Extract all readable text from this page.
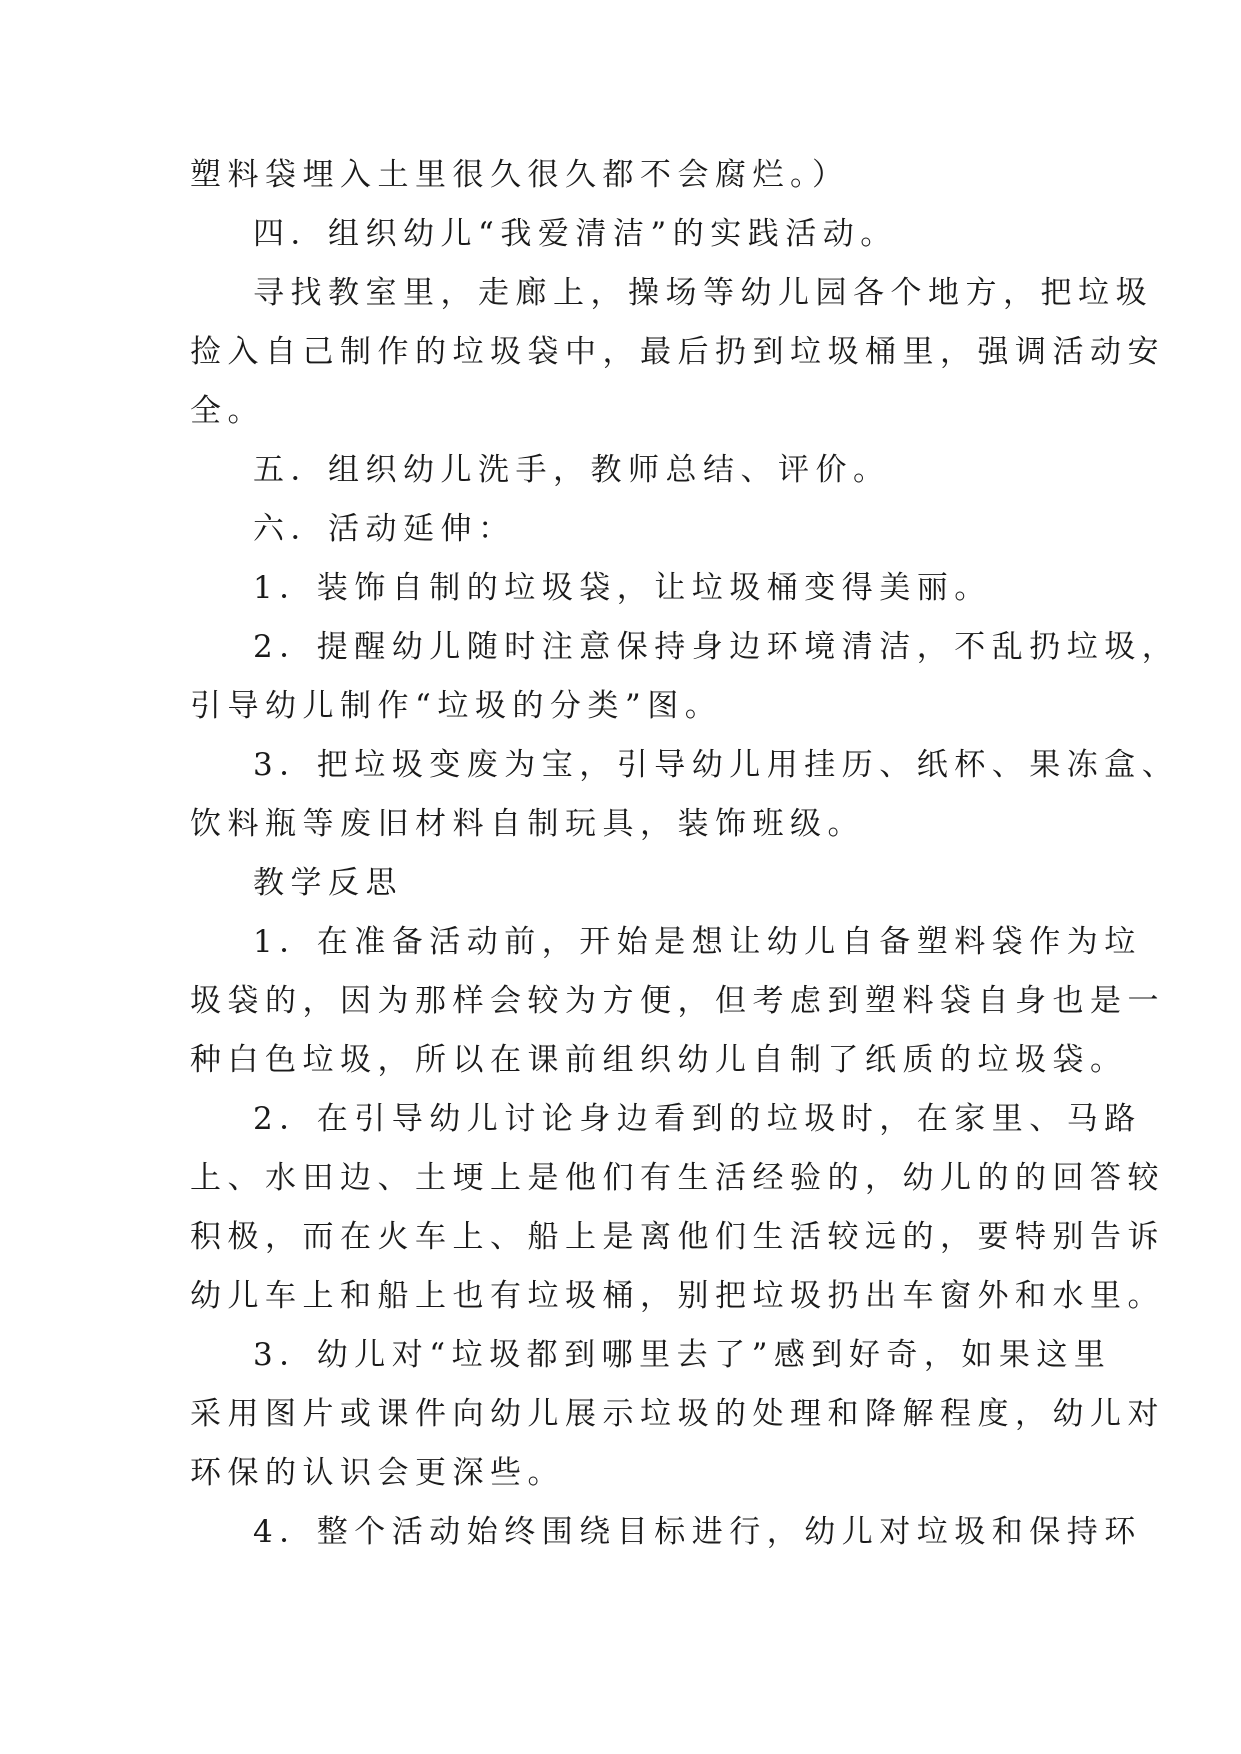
塑料袋埋入土里很久很久都不会腐烂。）
四．组织幼儿“我爱清洁”的实践活动。
寻找教室里，走廊上，操场等幼儿园各个地方，把垃圾
捡入自己制作的垃圾袋中，最后扔到垃圾桶里，强调活动安
全。
五．组织幼儿洗手，教师总结、评价。
六．活动延伸：
1．装饰自制的垃圾袋，让垃圾桶变得美丽。
2．提醒幼儿随时注意保持身边环境清洁，不乱扔垃圾，
引导幼儿制作“垃圾的分类”图。
3．把垃圾变废为宝，引导幼儿用挂历、纸杯、果冻盒、
饮料瓶等废旧材料自制玩具，装饰班级。
教学反思
1．在准备活动前，开始是想让幼儿自备塑料袋作为垃
圾袋的，因为那样会较为方便，但考虑到塑料袋自身也是一
种白色垃圾，所以在课前组织幼儿自制了纸质的垃圾袋。
2．在引导幼儿讨论身边看到的垃圾时，在家里、马路
上、水田边、土埂上是他们有生活经验的，幼儿的的回答较
积极，而在火车上、船上是离他们生活较远的，要特别告诉
幼儿车上和船上也有垃圾桶，别把垃圾扔出车窗外和水里。
3．幼儿对“垃圾都到哪里去了”感到好奇，如果这里
采用图片或课件向幼儿展示垃圾的处理和降解程度，幼儿对
环保的认识会更深些。
4．整个活动始终围绕目标进行，幼儿对垃圾和保持环
